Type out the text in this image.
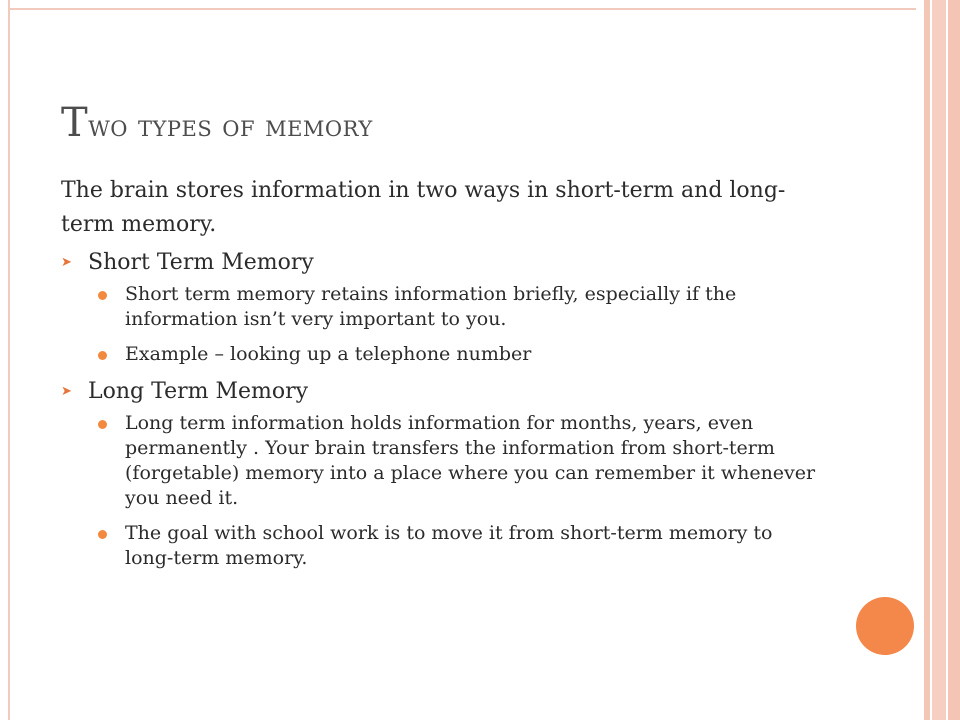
Two types of memory

The brain stores information in two ways in short-term and long-term memory.

➤ Short Term Memory
Short term memory retains information briefly, especially if the information isn’t very important to you.
Example – looking up a telephone number
➤ Long Term Memory
Long term information holds information for months, years, even permanently . Your brain transfers the information from short-term (forgetable) memory into a place where you can remember it whenever you need it.
The goal with school work is to move it from short-term memory to long-term memory.
